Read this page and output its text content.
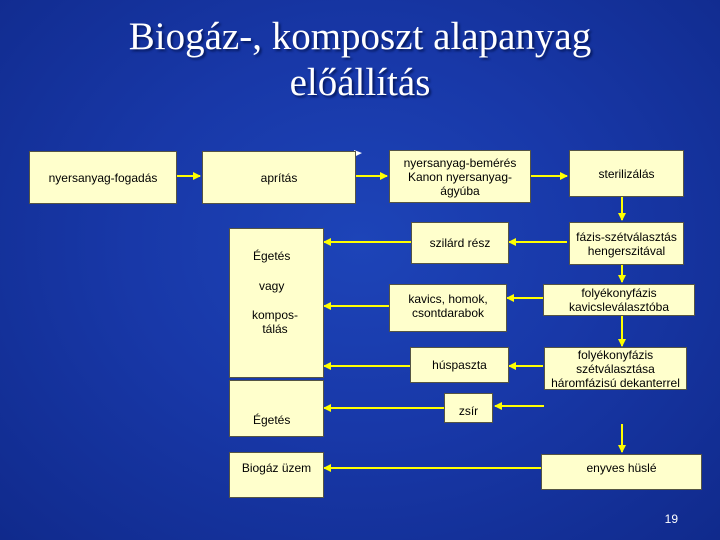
Biogáz-, komposzt alapanyag
előállítás
nyersanyag-fogadás	aprítás
nyersanyag-bemérés
Kanon nyersanyag-
ágyúba
sterilizálás
szilárd rész	fázis-szétválasztás
hengerszitával
kavics, homok,
csontdarabok
folyékonyfázis
kavicsleválasztóba
húspaszta
folyékonyfázis
szétválasztása
háromfázisú dekanterrel
zsír
Égetés
vagy
kompos-
tálás
Égetés
Biogáz üzem	enyves hüslé
19
